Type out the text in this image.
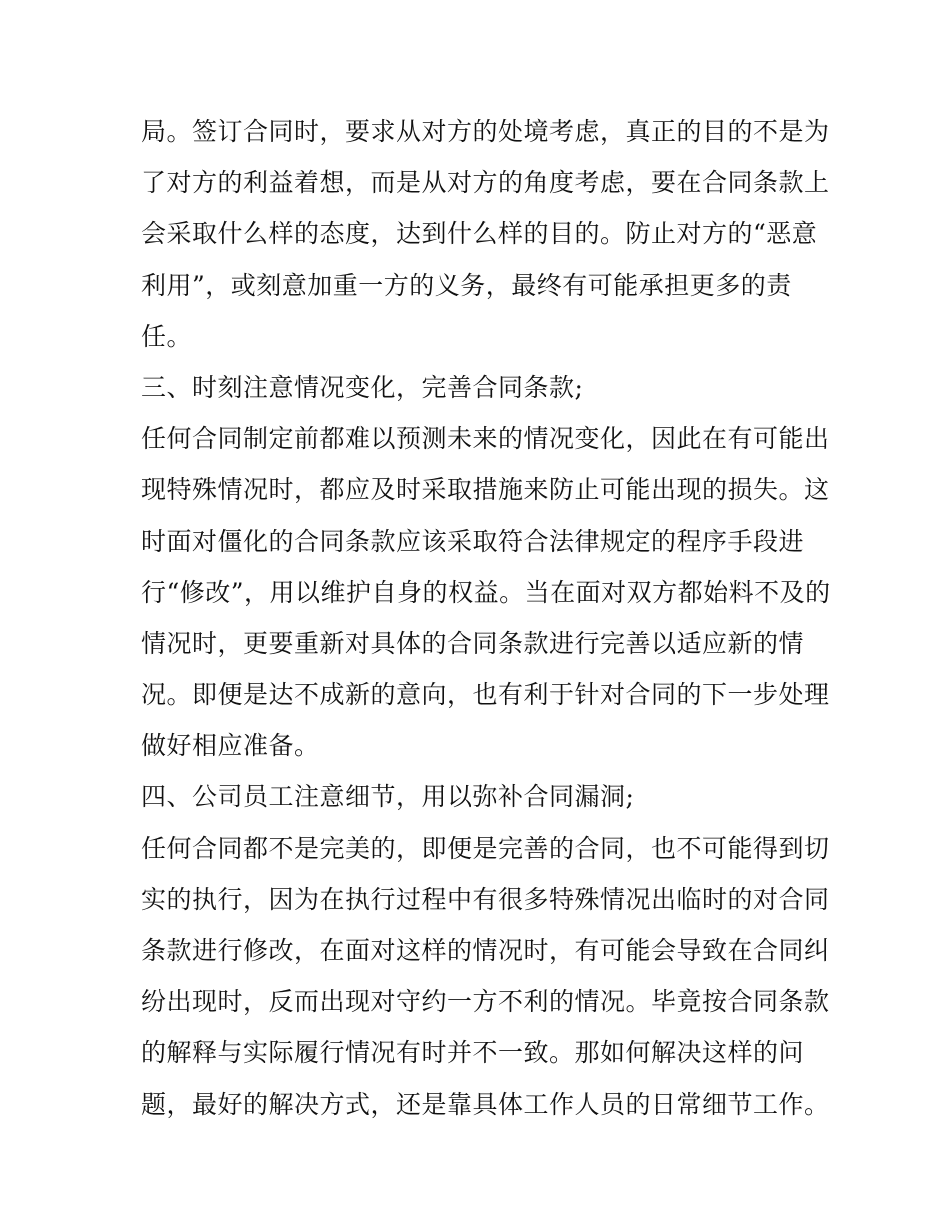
局。签订合同时，要求从对方的处境考虑，真正的目的不是为
了对方的利益着想，而是从对方的角度考虑，要在合同条款上
会采取什么样的态度，达到什么样的目的。防止对方的“恶意
利用”，或刻意加重一方的义务，最终有可能承担更多的责
任。
三、时刻注意情况变化，完善合同条款;
任何合同制定前都难以预测未来的情况变化，因此在有可能出
现特殊情况时，都应及时采取措施来防止可能出现的损失。这
时面对僵化的合同条款应该采取符合法律规定的程序手段进
行“修改”，用以维护自身的权益。当在面对双方都始料不及的
情况时，更要重新对具体的合同条款进行完善以适应新的情
况。即便是达不成新的意向，也有利于针对合同的下一步处理
做好相应准备。
四、公司员工注意细节，用以弥补合同漏洞;
任何合同都不是完美的，即便是完善的合同，也不可能得到切
实的执行，因为在执行过程中有很多特殊情况出临时的对合同
条款进行修改，在面对这样的情况时，有可能会导致在合同纠
纷出现时，反而出现对守约一方不利的情况。毕竟按合同条款
的解释与实际履行情况有时并不一致。那如何解决这样的问
题，最好的解决方式，还是靠具体工作人员的日常细节工作。
